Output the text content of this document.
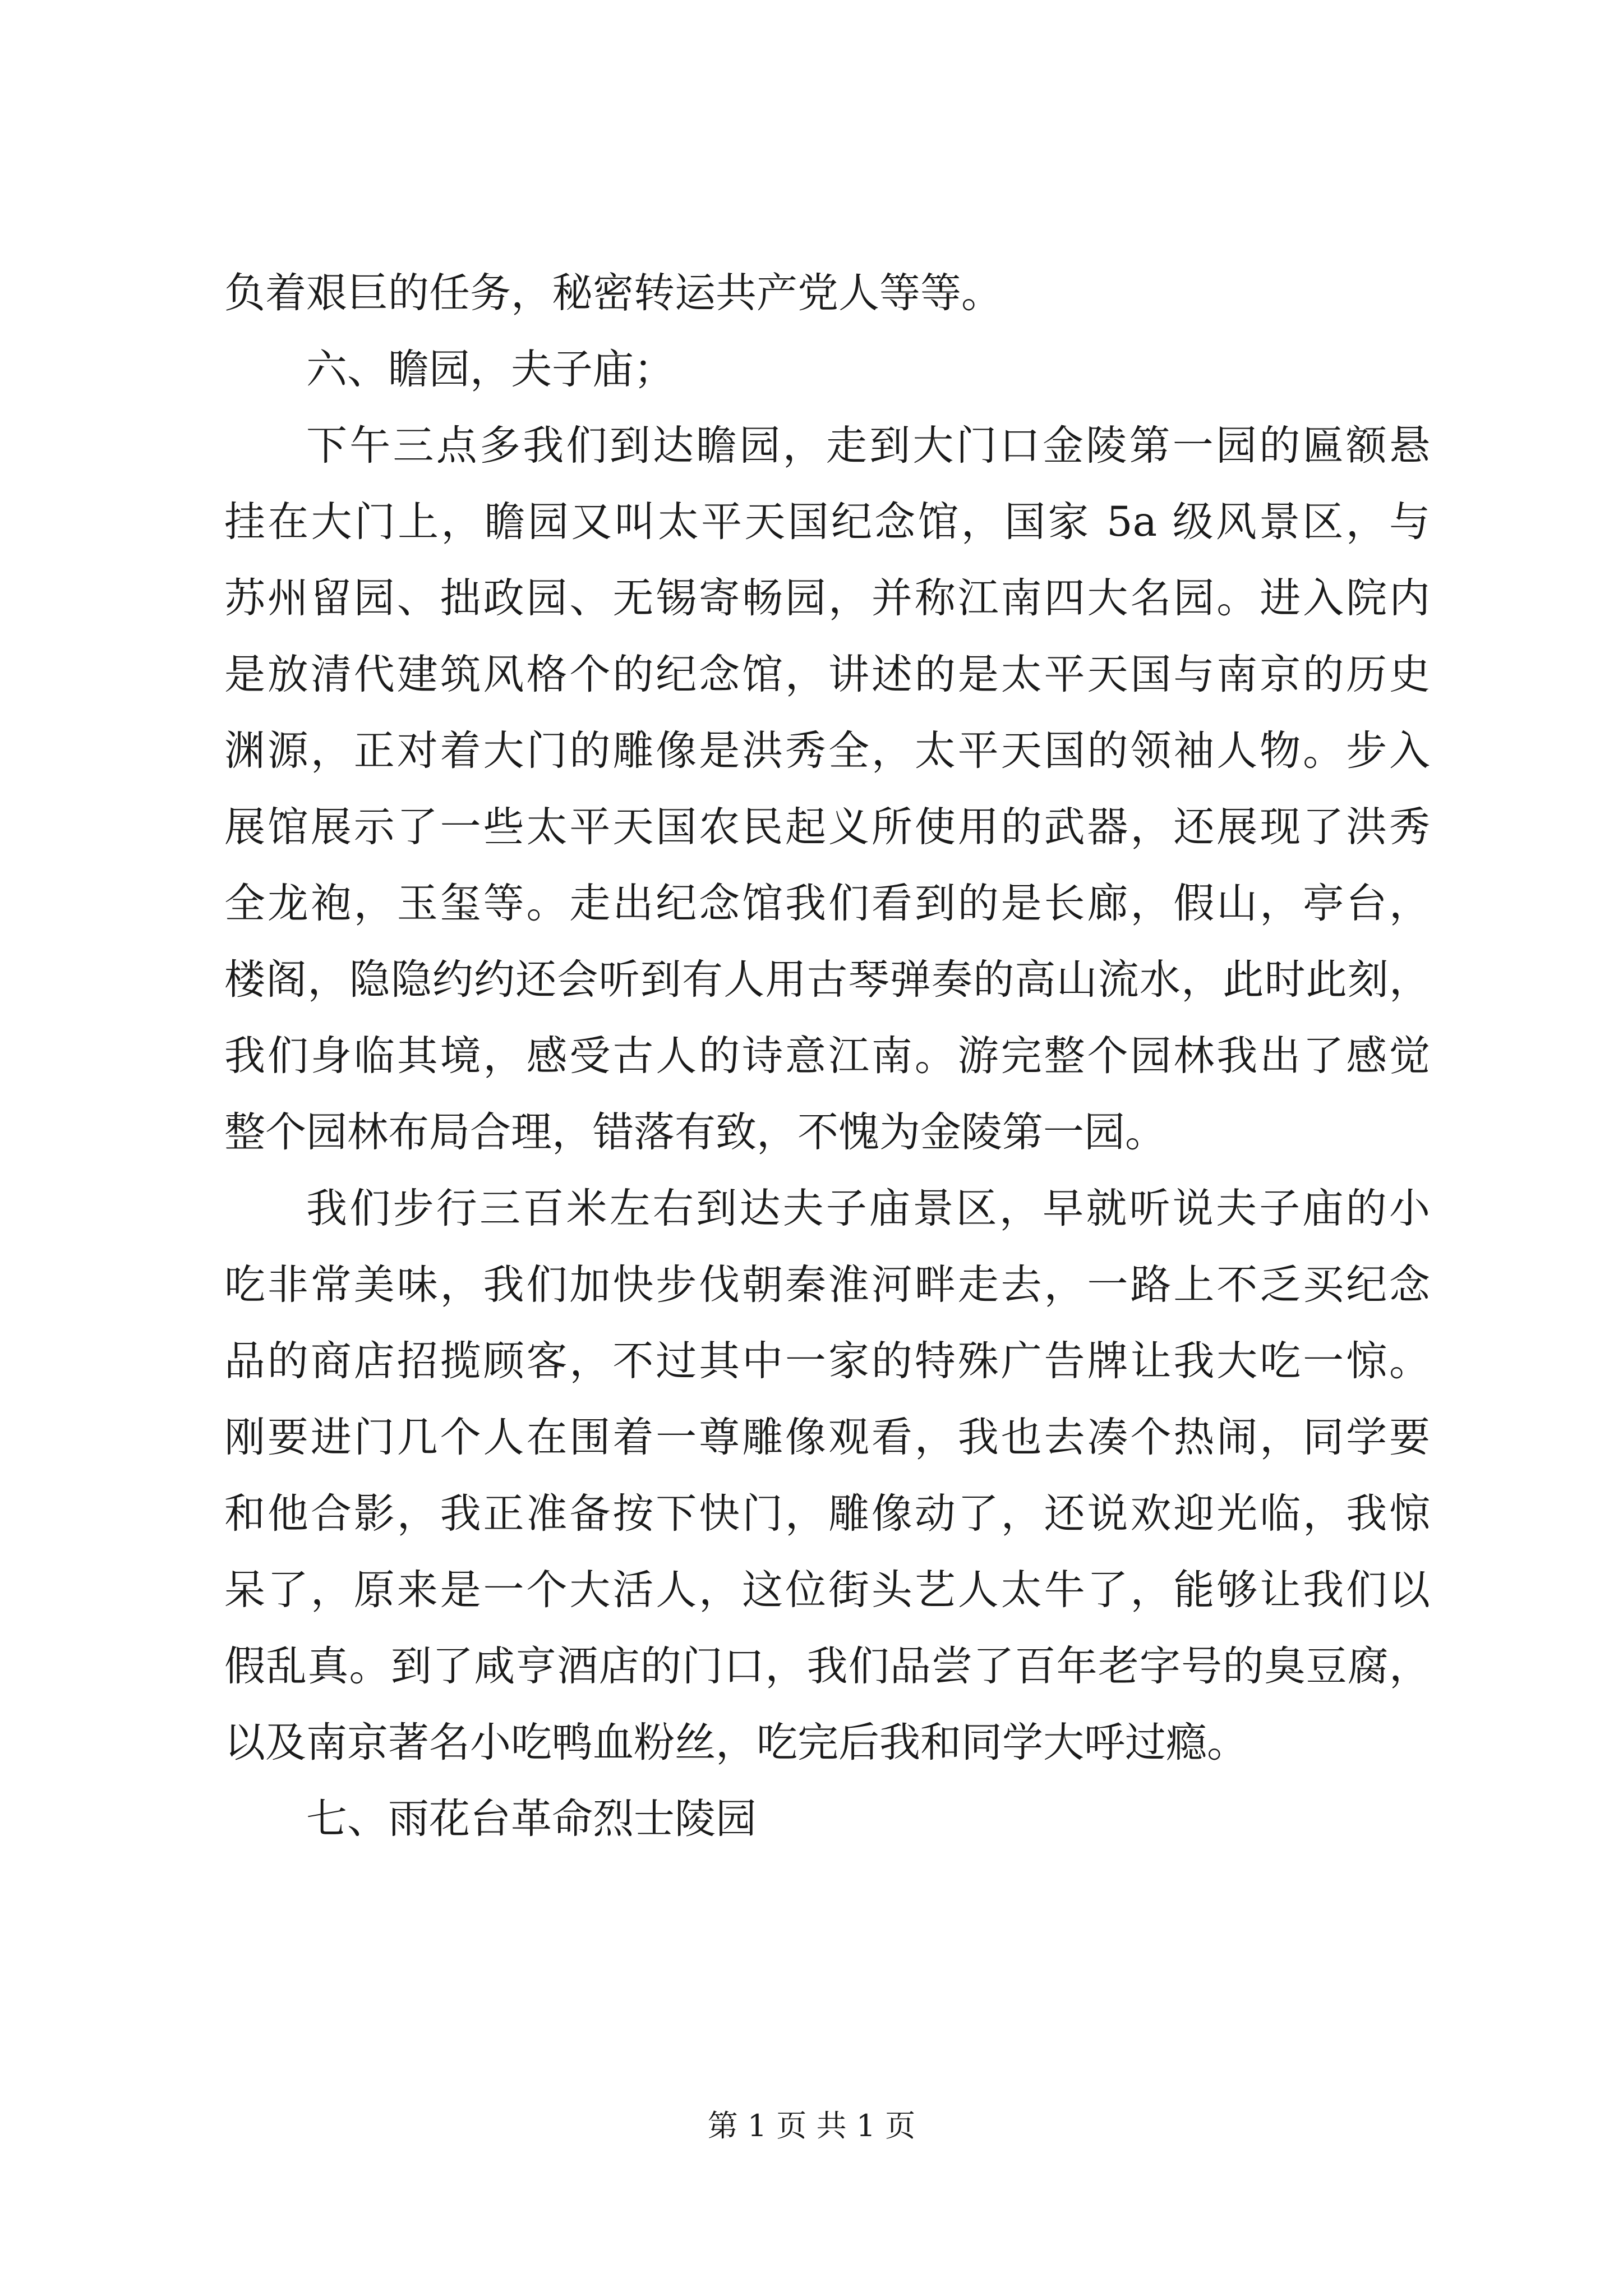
负着艰巨的任务，秘密转运共产党人等等。
六、瞻园，夫子庙；
下午三点多我们到达瞻园，走到大门口金陵第一园的匾额悬
挂在大门上，瞻园又叫太平天国纪念馆，国家 5a 级风景区，与
苏州留园、拙政园、无锡寄畅园，并称江南四大名园。进入院内
是放清代建筑风格个的纪念馆，讲述的是太平天国与南京的历史
渊源，正对着大门的雕像是洪秀全，太平天国的领袖人物。步入
展馆展示了一些太平天国农民起义所使用的武器，还展现了洪秀
全龙袍，玉玺等。走出纪念馆我们看到的是长廊，假山，亭台，
楼阁，隐隐约约还会听到有人用古琴弹奏的高山流水，此时此刻，
我们身临其境，感受古人的诗意江南。游完整个园林我出了感觉
整个园林布局合理，错落有致，不愧为金陵第一园。
我们步行三百米左右到达夫子庙景区，早就听说夫子庙的小
吃非常美味，我们加快步伐朝秦淮河畔走去，一路上不乏买纪念
品的商店招揽顾客，不过其中一家的特殊广告牌让我大吃一惊。
刚要进门几个人在围着一尊雕像观看，我也去凑个热闹，同学要
和他合影，我正准备按下快门，雕像动了，还说欢迎光临，我惊
呆了，原来是一个大活人，这位街头艺人太牛了，能够让我们以
假乱真。到了咸亨酒店的门口，我们品尝了百年老字号的臭豆腐，
以及南京著名小吃鸭血粉丝，吃完后我和同学大呼过瘾。
七、雨花台革命烈士陵园
第 1 页 共 1 页
